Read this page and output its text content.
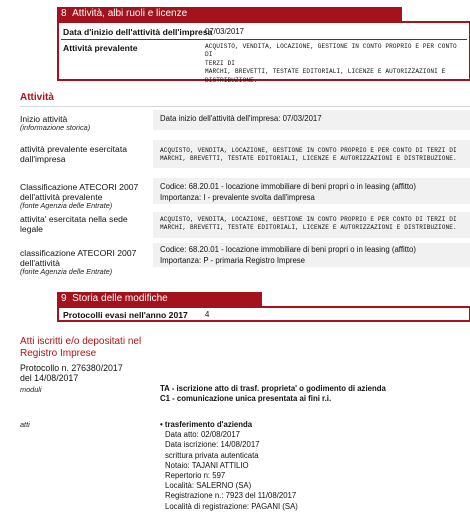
8 Attività, albi ruoli e licenze
Data d'inizio dell'attività dell'impresa
07/03/2017
Attività prevalente	ACQUISTO, VENDITA, LOCAZIONE, GESTIONE IN CONTO PROPRIO E PER CONTO DI
TERZI DI
MARCHI, BREVETTI, TESTATE EDITORIALI, LICENZE E AUTORIZZAZIONI E
DISTRIBUZIONE.
Attività
Inizio attività
(informazione storica)
Data inizio dell'attività dell'impresa: 07/03/2017
attività prevalente esercitata
dall'impresa
ACQUISTO, VENDITA, LOCAZIONE, GESTIONE IN CONTO PROPRIO E PER CONTO DI TERZI DI
MARCHI, BREVETTI, TESTATE EDITORIALI, LICENZE E AUTORIZZAZIONI E DISTRIBUZIONE.
Classificazione ATECORI 2007
dell'attività prevalente
(fonte Agenzia delle Entrate)
Codice: 68.20.01 - locazione immobiliare di beni propri o in leasing (affitto)
Importanza: I - prevalente svolta dall'impresa
attivita' esercitata nella sede
legale
ACQUISTO, VENDITA, LOCAZIONE, GESTIONE IN CONTO PROPRIO E PER CONTO DI TERZI DI
MARCHI, BREVETTI, TESTATE EDITORIALI, LICENZE E AUTORIZZAZIONI E DISTRIBUZIONE.
classificazione ATECORI 2007
dell'attività
(fonte Agenzia delle Entrate)
Codice: 68.20.01 - locazione immobiliare di beni propri o in leasing (affitto)
Importanza: P - primaria Registro Imprese
9 Storia delle modifiche
Protocolli evasi nell'anno 2017 4
Atti iscritti e/o depositati nel
Registro Imprese
Protocollo n. 276380/2017
del 14/08/2017
moduli	TA - iscrizione atto di trasf. proprieta' o godimento di azienda
C1 - comunicazione unica presentata ai fini r.i.
atti	• trasferimento d'azienda
Data atto: 02/08/2017
Data iscrizione: 14/08/2017
scrittura privata autenticata
Notaio: TAJANI ATTILIO
Repertorio n: 597
Località: SALERNO (SA)
Registrazione n.: 7923 del 11/08/2017
Località di registrazione: PAGANI (SA)
